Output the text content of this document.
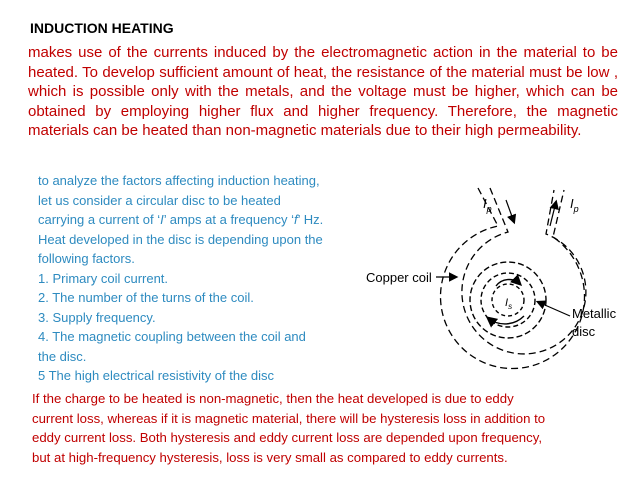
INDUCTION HEATING
makes use of the currents induced by the electromagnetic action in the material to be heated. To develop sufficient amount of heat, the resistance of the material must be low , which is possible only with the metals, and the voltage must be higher, which can be obtained by employing higher flux and higher frequency. Therefore, the magnetic materials can be heated than non-magnetic materials due to their high permeability.
to analyze the factors affecting induction heating,
let us consider a circular disc to be heated
carrying a current of ‘I’ amps at a frequency ‘f’ Hz.
Heat developed in the disc is depending upon the
following factors.
1. Primary coil current.
2. The number of the turns of the coil.
3. Supply frequency.
4. The magnetic coupling between the coil and
the disc.
5 The high electrical resistivity of the disc
$I_p$	$I_p$
$I_s$
Copper coil
Metallic
disc
If the charge to be heated is non-magnetic, then the heat developed is due to eddy
current loss, whereas if it is magnetic material, there will be hysteresis loss in addition to
eddy current loss. Both hysteresis and eddy current loss are depended upon frequency,
but at high-frequency hysteresis, loss is very small as compared to eddy currents.
